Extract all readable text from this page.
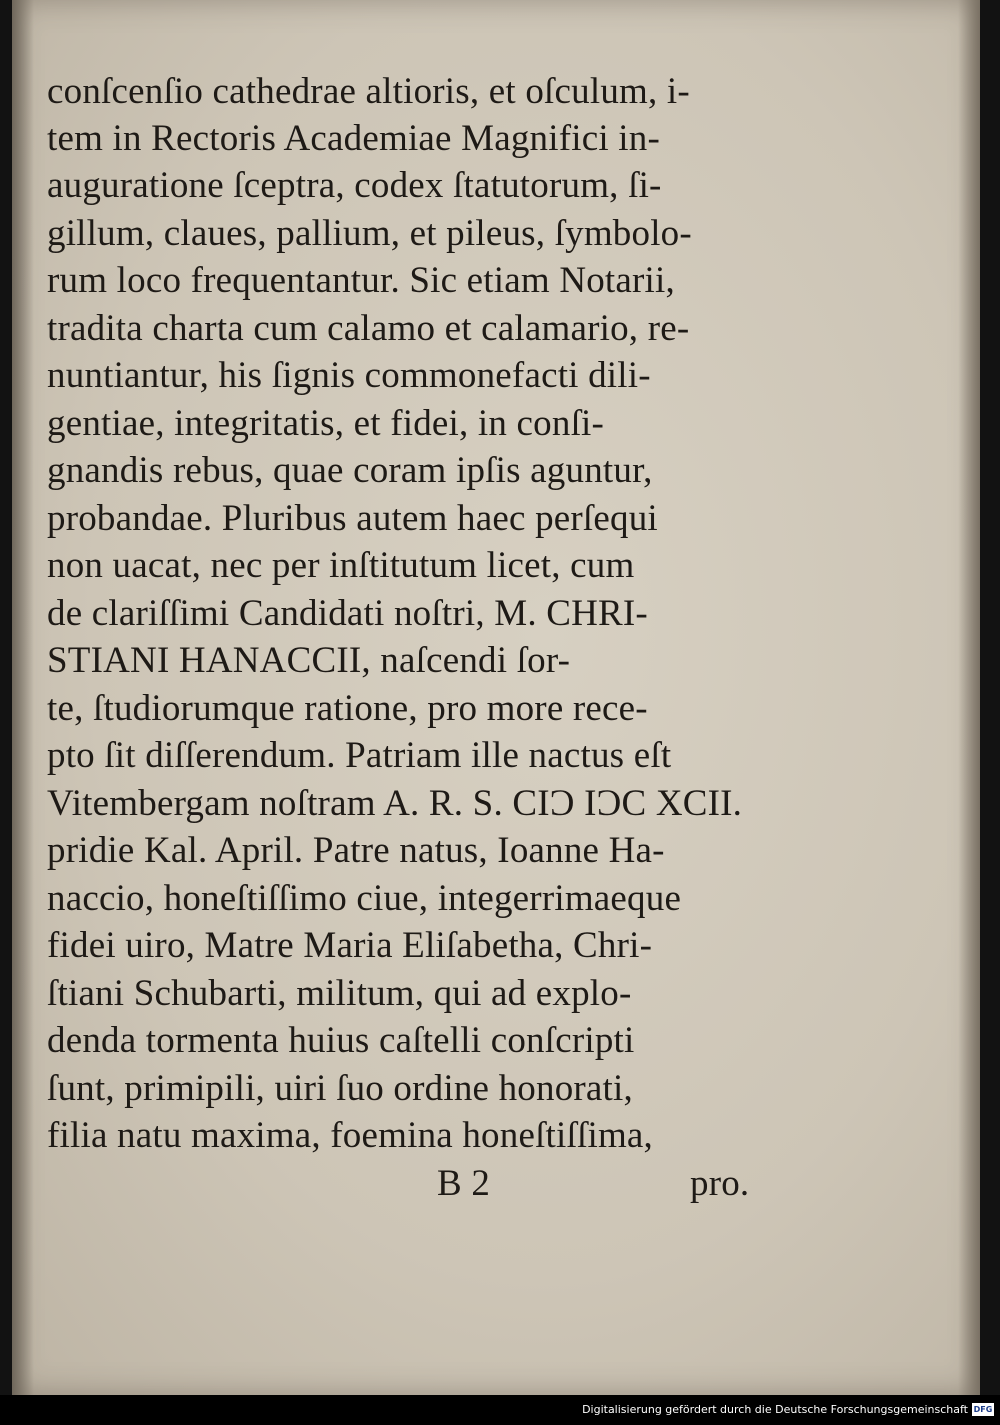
conſcenſio cathedrae altioris, et oſculum, i-
tem in Rectoris Academiae Magnifici in-
auguratione ſceptra, codex ſtatutorum, ſi-
gillum, claues, pallium, et pileus, ſymbolo-
rum loco frequentantur. Sic etiam Notarii,
tradita charta cum calamo et calamario, re-
nuntiantur, his ſignis commonefacti dili-
gentiae, integritatis, et fidei, in conſi-
gnandis rebus, quae coram ipſis aguntur,
probandae. Pluribus autem haec perſequi
non uacat, nec per inſtitutum licet, cum
de clariſſimi Candidati noſtri, M. CHRI-
STIANI HANACCII, naſcendi ſor-
te, ſtudiorumque ratione, pro more rece-
pto ſit diſſerendum. Patriam ille nactus eſt
Vitembergam noſtram A. R. S. CIƆ IƆC XCII.
pridie Kal. April. Patre natus, Ioanne Ha-
naccio, honeſtiſſimo ciue, integerrimaeque
fidei uiro, Matre Maria Eliſabetha, Chri-
ſtiani Schubarti, militum, qui ad explo-
denda tormenta huius caſtelli conſcripti
ſunt, primipili, uiri ſuo ordine honorati,
filia natu maxima, foemina honeſtiſſima,
B 2	pro.
Digitalisierung gefördert durch die Deutsche Forschungsgemeinschaft DFG
